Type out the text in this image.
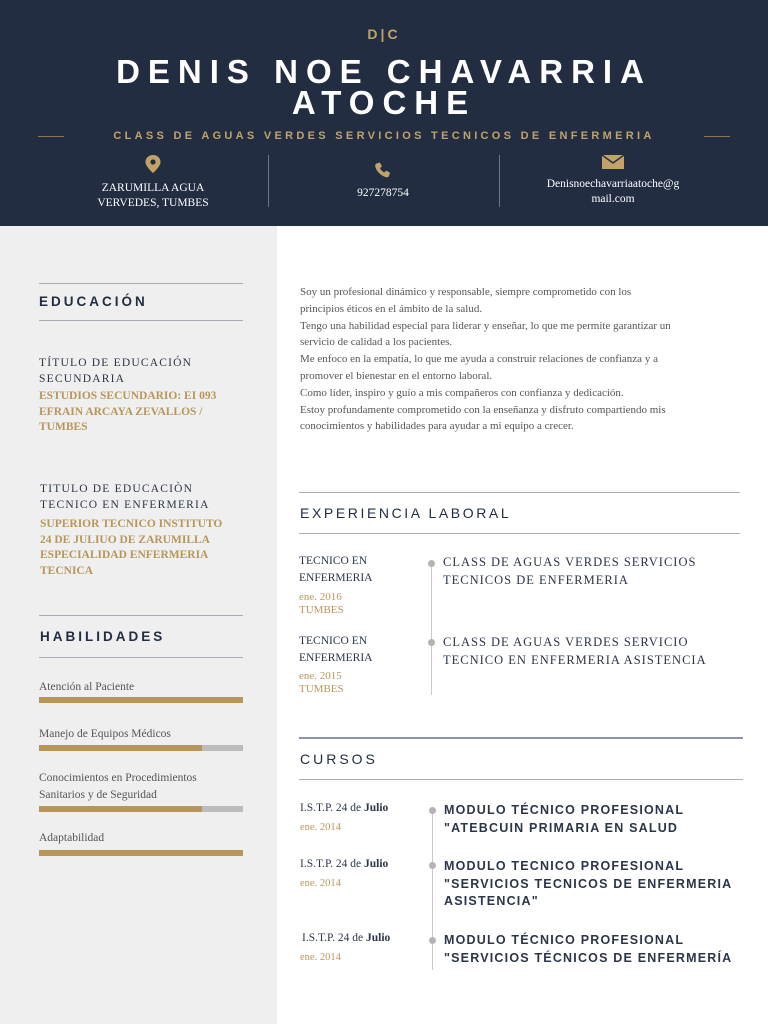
D|C
DENIS NOE CHAVARRIA
ATOCHE
CLASS DE AGUAS VERDES SERVICIOS TECNICOS DE ENFERMERIA
ZARUMILLA AGUA
VERVEDES, TUMBES
927278754
Denisnoechavarriaatoche@g
mail.com
EDUCACIÓN
TÍTULO DE EDUCACIÓN
SECUNDARIA
ESTUDIOS SECUNDARIO: EI 093
EFRAIN ARCAYA ZEVALLOS /
TUMBES
TITULO DE EDUCACIÒN
TECNICO EN ENFERMERIA
SUPERIOR TECNICO INSTITUTO
24 DE JULIUO DE ZARUMILLA
ESPECIALIDAD ENFERMERIA
TECNICA
HABILIDADES
Atención al Paciente
Manejo de Equipos Médicos
Conocimientos en Procedimientos
Sanitarios y de Seguridad
Adaptabilidad

Soy un profesional dinámico y responsable, siempre comprometido con los

principios éticos en el ámbito de la salud.

Tengo una habilidad especial para liderar y enseñar, lo que me permite garantizar un

servicio de calidad a los pacientes.

Me enfoco en la empatía, lo que me ayuda a construir relaciones de confianza y a

promover el bienestar en el entorno laboral.

Como líder, inspiro y guío a mis compañeros con confianza y dedicación.

Estoy profundamente comprometido con la enseñanza y disfruto compartiendo mis

conocimientos y habilidades para ayudar a mi equipo a crecer.

EXPERIENCIA LABORAL
TECNICO EN
ENFERMERIA
ene. 2016
TUMBES
CLASS DE AGUAS VERDES SERVICIOS
TECNICOS DE ENFERMERIA
TECNICO EN
ENFERMERIA
ene. 2015
TUMBES
CLASS DE AGUAS VERDES SERVICIO
TECNICO EN ENFERMERIA ASISTENCIA
CURSOS
I.S.T.P. 24 de Julio
ene. 2014
MODULO TÉCNICO PROFESIONAL
"ATEBCUIN PRIMARIA EN SALUD
I.S.T.P. 24 de Julio
ene. 2014
MODULO TECNICO PROFESIONAL
"SERVICIOS TECNICOS DE ENFERMERIA
ASISTENCIA"
I.S.T.P. 24 de Julio
ene. 2014
MODULO TÉCNICO PROFESIONAL
"SERVICIOS TÉCNICOS DE ENFERMERÍA
